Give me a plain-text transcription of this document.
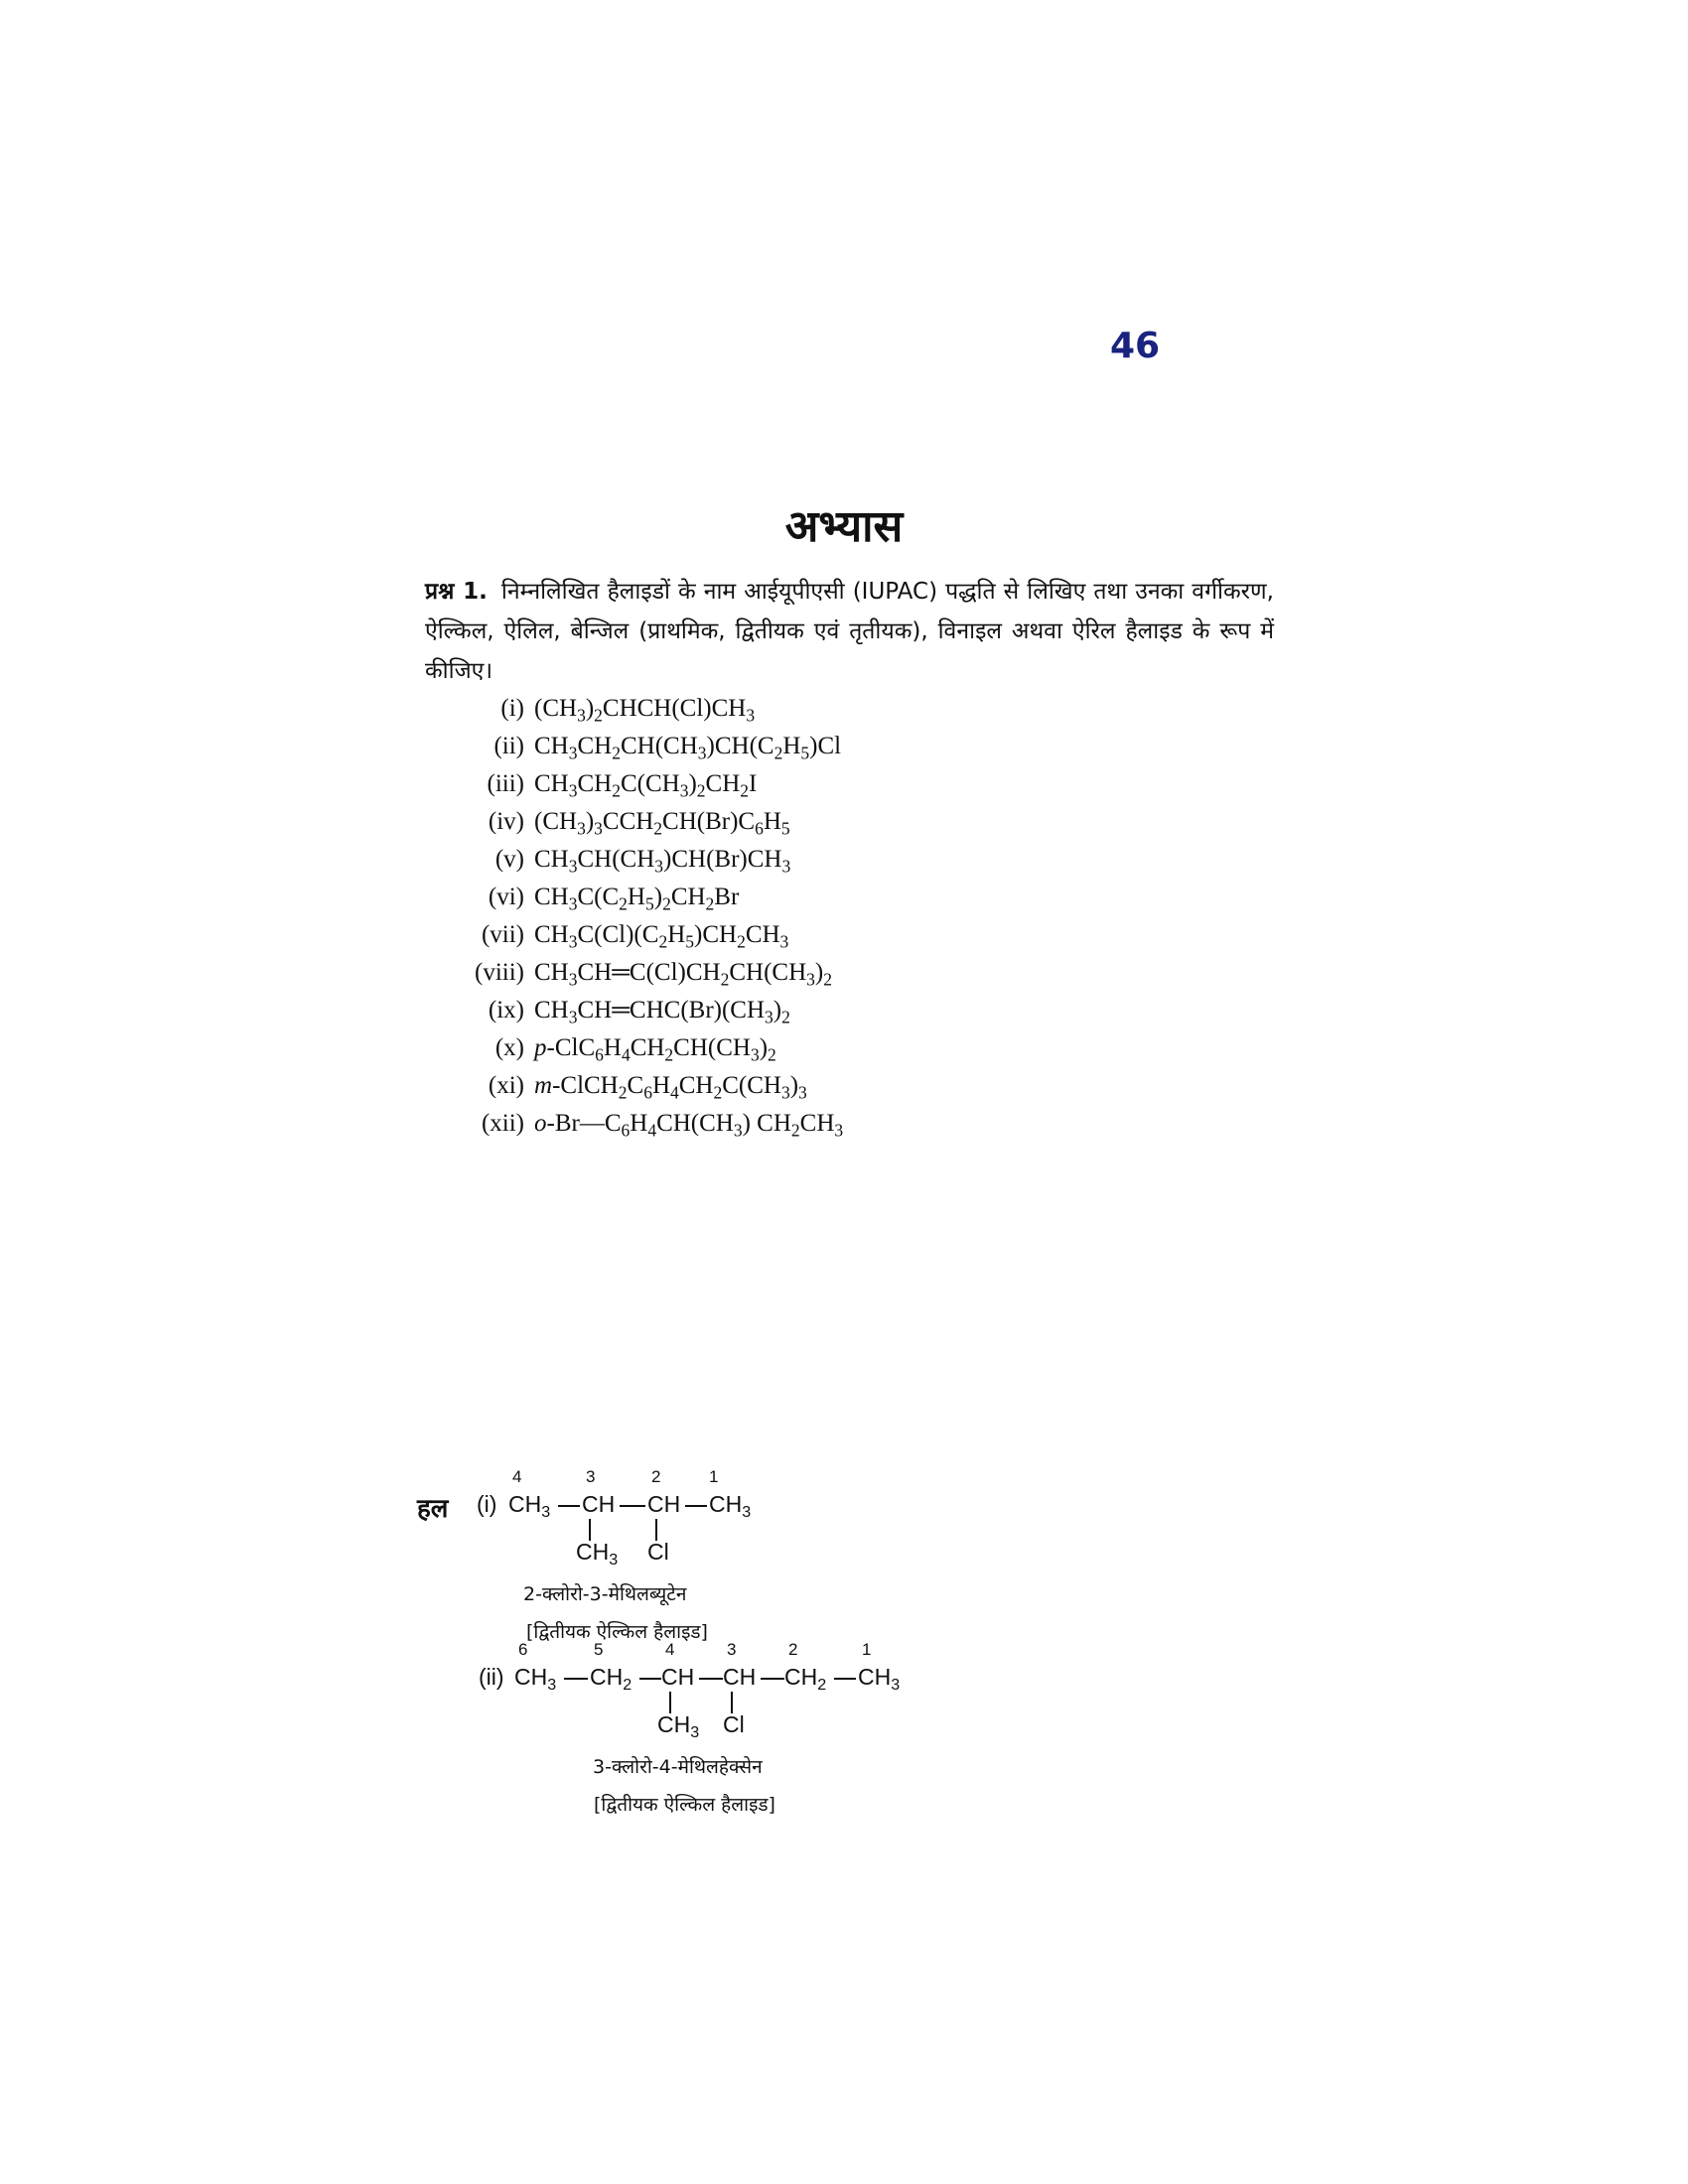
46
अभ्यास
प्रश्न 1. निम्नलिखित हैलाइडों के नाम आईयूपीएसी (IUPAC) पद्धति से लिखिए तथा उनका वर्गीकरण, ऐल्किल, ऐलिल, बेन्जिल (प्राथमिक, द्वितीयक एवं तृतीयक), विनाइल अथवा ऐरिल हैलाइड के रूप में कीजिए।
(i) $(CH_3)_2CHCH(Cl)CH_3$
(ii) $CH_3CH_2CH(CH_3)CH(C_2H_5)Cl$
(iii) $CH_3CH_2C(CH_3)_2CH_2I$
(iv) $(CH_3)_3CCH_2CH(Br)C_6H_5$
(v) $CH_3CH(CH_3)CH(Br)CH_3$
(vi) $CH_3C(C_2H_5)_2CH_2Br$
(vii) $CH_3C(Cl)(C_2H_5)CH_2CH_3$
(viii) $CH_3CH═C(Cl)CH_2CH(CH_3)_2$
(ix) $CH_3CH═CHC(Br)(CH_3)_2$
(x) $p-ClC_6H_4CH_2CH(CH_3)_2$
(xi) $m-ClCH_2C_6H_4CH_2C(CH_3)_3$
(xii) $o-Br—C_6H_4CH(CH_3)$ $CH_2CH_3$
हल (i)
4	3	2	1
$CH_3$ CH CH $CH_3$
$CH_3$ Cl
2-क्लोरो-3-मेथिलब्यूटेन
[द्वितीयक ऐल्किल हैलाइड]
(ii)
6	5	4	3	2	1
$CH_3$ $CH_2$ CH CH $CH_2$ $CH_3$
$CH_3$ Cl
3-क्लोरो-4-मेथिलहेक्सेन
[द्वितीयक ऐल्किल हैलाइड]
